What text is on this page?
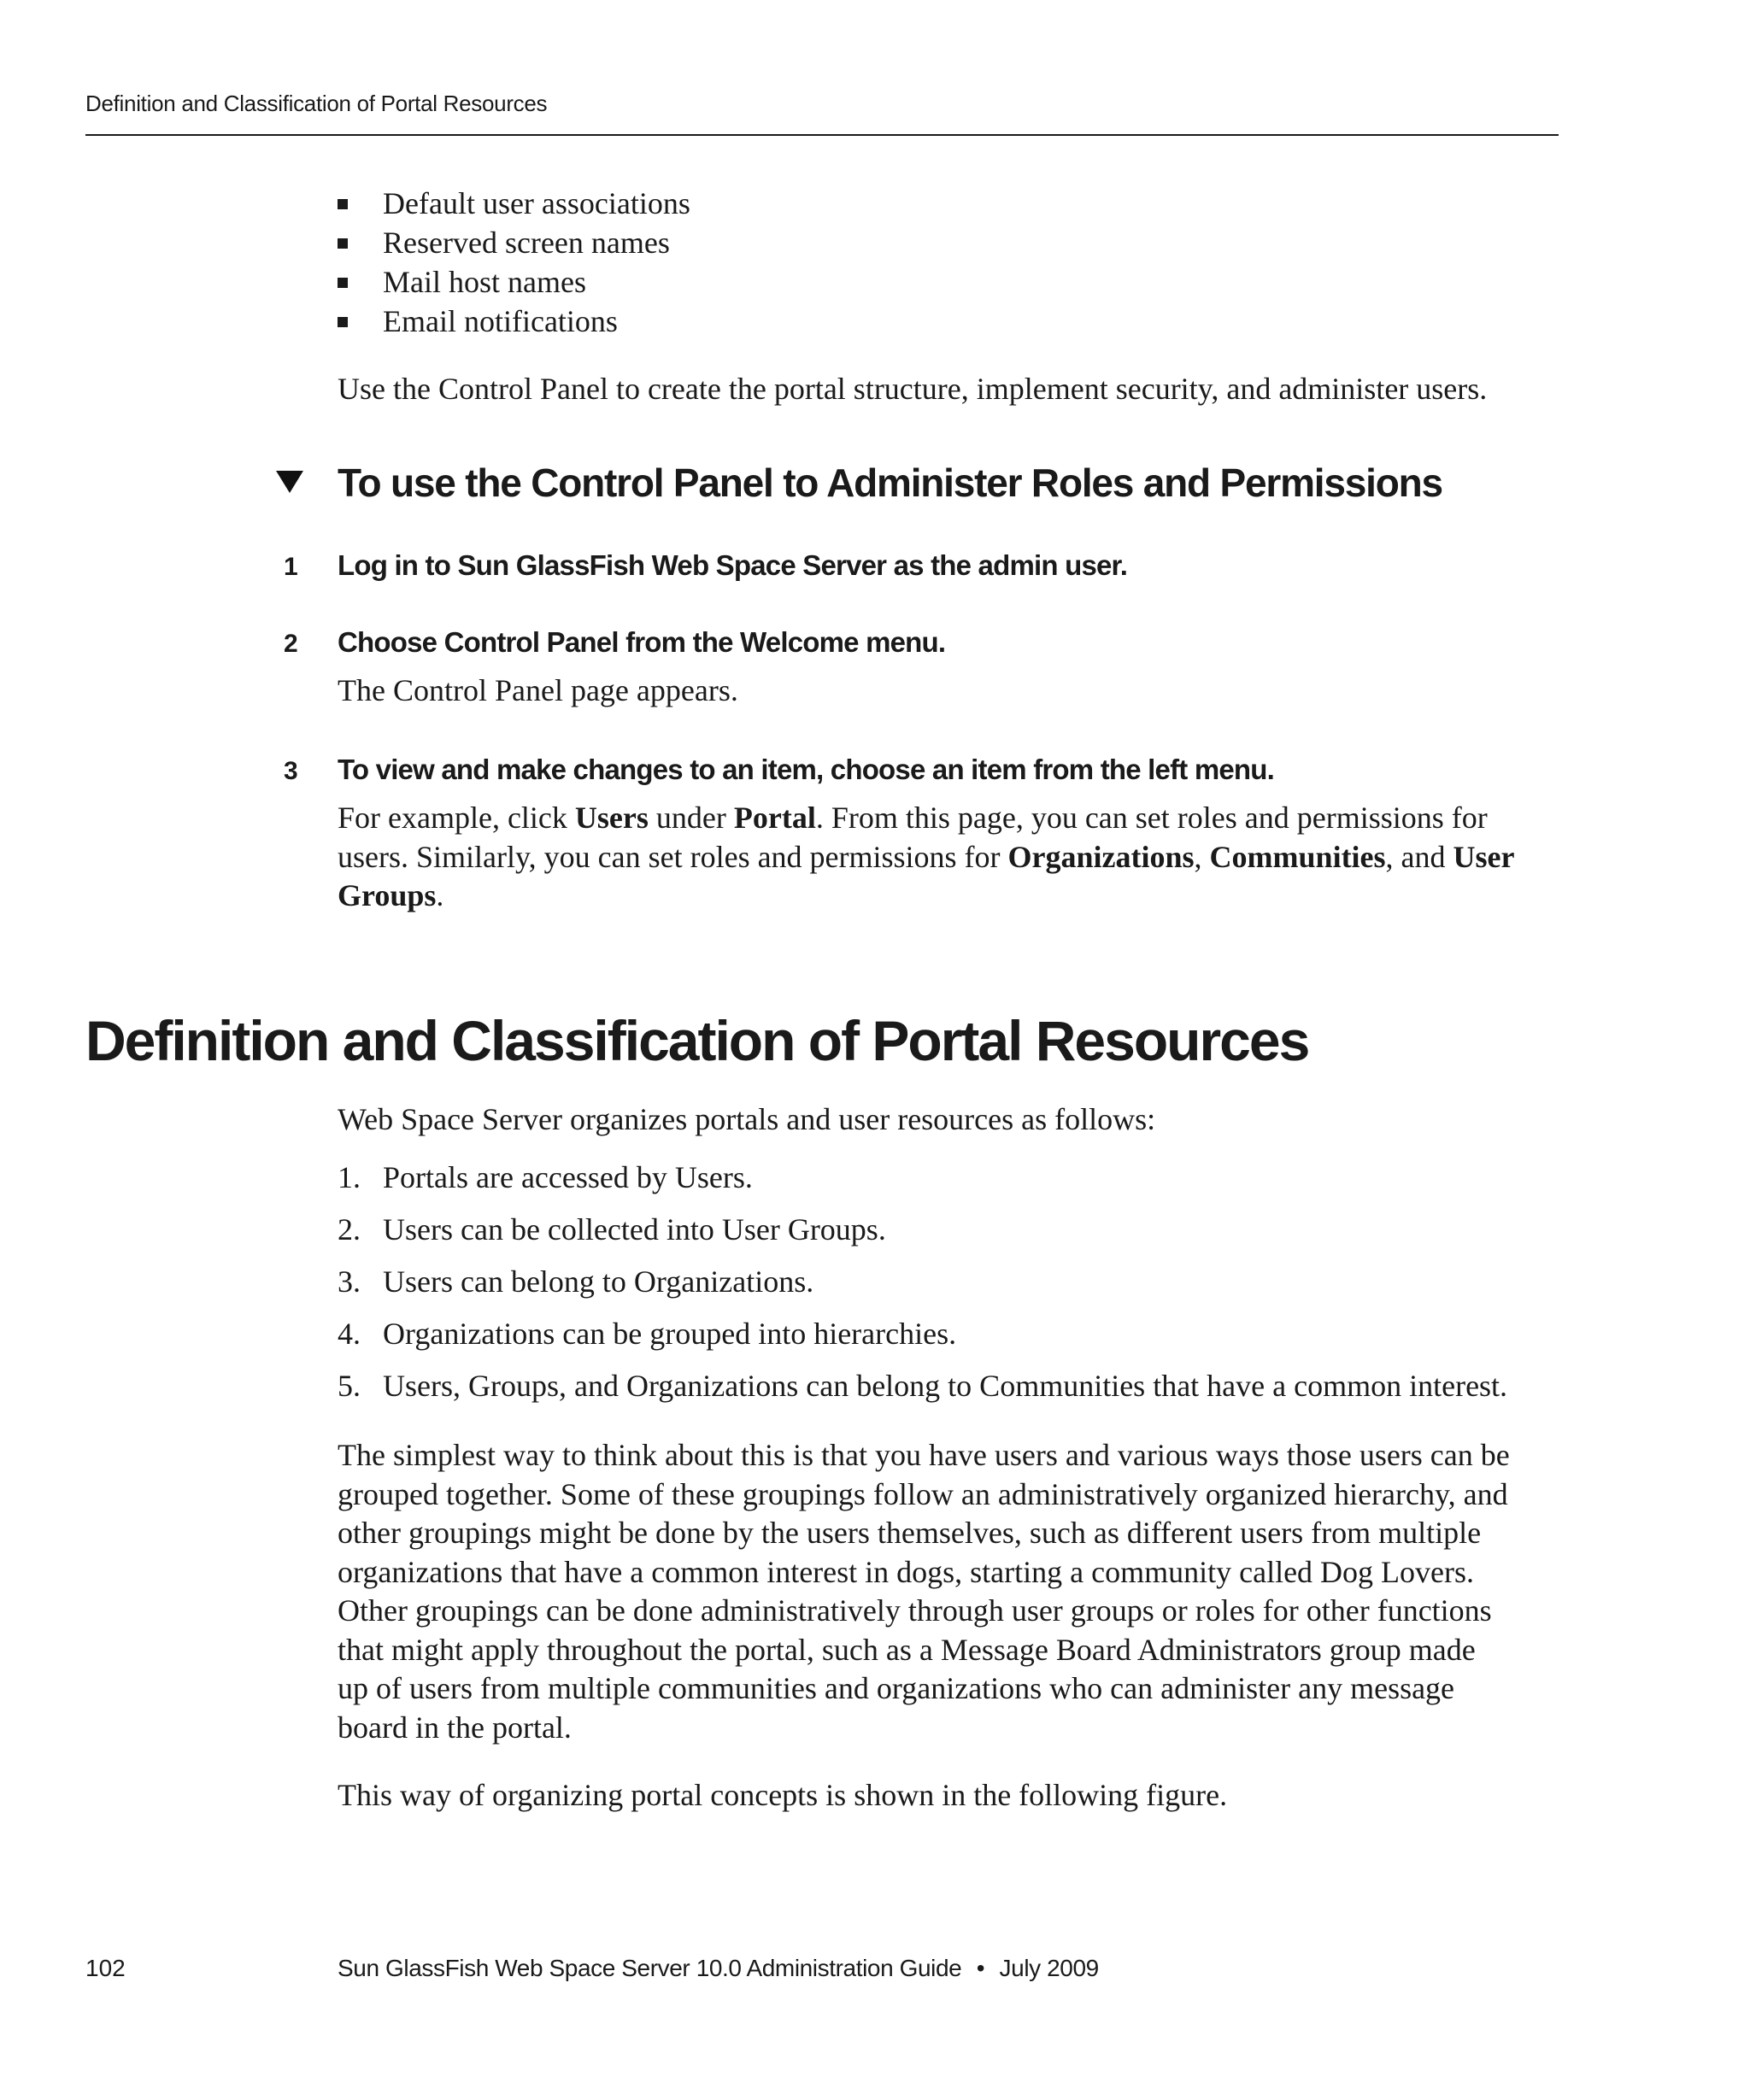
Definition and Classification of Portal Resources
Default user associations
Reserved screen names
Mail host names
Email notifications

Use the Control Panel to create the portal structure, implement security, and administer users.

To use the Control Panel to Administer Roles and Permissions
1 Log in to Sun GlassFish Web Space Server as the admin user.
2 Choose Control Panel from the Welcome menu.

The Control Panel page appears.

3 To view and make changes to an item, choose an item from the left menu.

For example, click Users under Portal. From this page, you can set roles and permissions for
users. Similarly, you can set roles and permissions for Organizations, Communities, and User
Groups.

Definition and Classification of Portal Resources

Web Space Server organizes portals and user resources as follows:

1. Portals are accessed by Users.
2. Users can be collected into User Groups.
3. Users can belong to Organizations.
4. Organizations can be grouped into hierarchies.
5. Users, Groups, and Organizations can belong to Communities that have a common interest.

The simplest way to think about this is that you have users and various ways those users can be
grouped together. Some of these groupings follow an administratively organized hierarchy, and
other groupings might be done by the users themselves, such as different users from multiple
organizations that have a common interest in dogs, starting a community called Dog Lovers.
Other groupings can be done administratively through user groups or roles for other functions
that might apply throughout the portal, such as a Message Board Administrators group made
up of users from multiple communities and organizations who can administer any message
board in the portal.

This way of organizing portal concepts is shown in the following figure.

102	Sun GlassFish Web Space Server 10.0 Administration Guide • July 2009
